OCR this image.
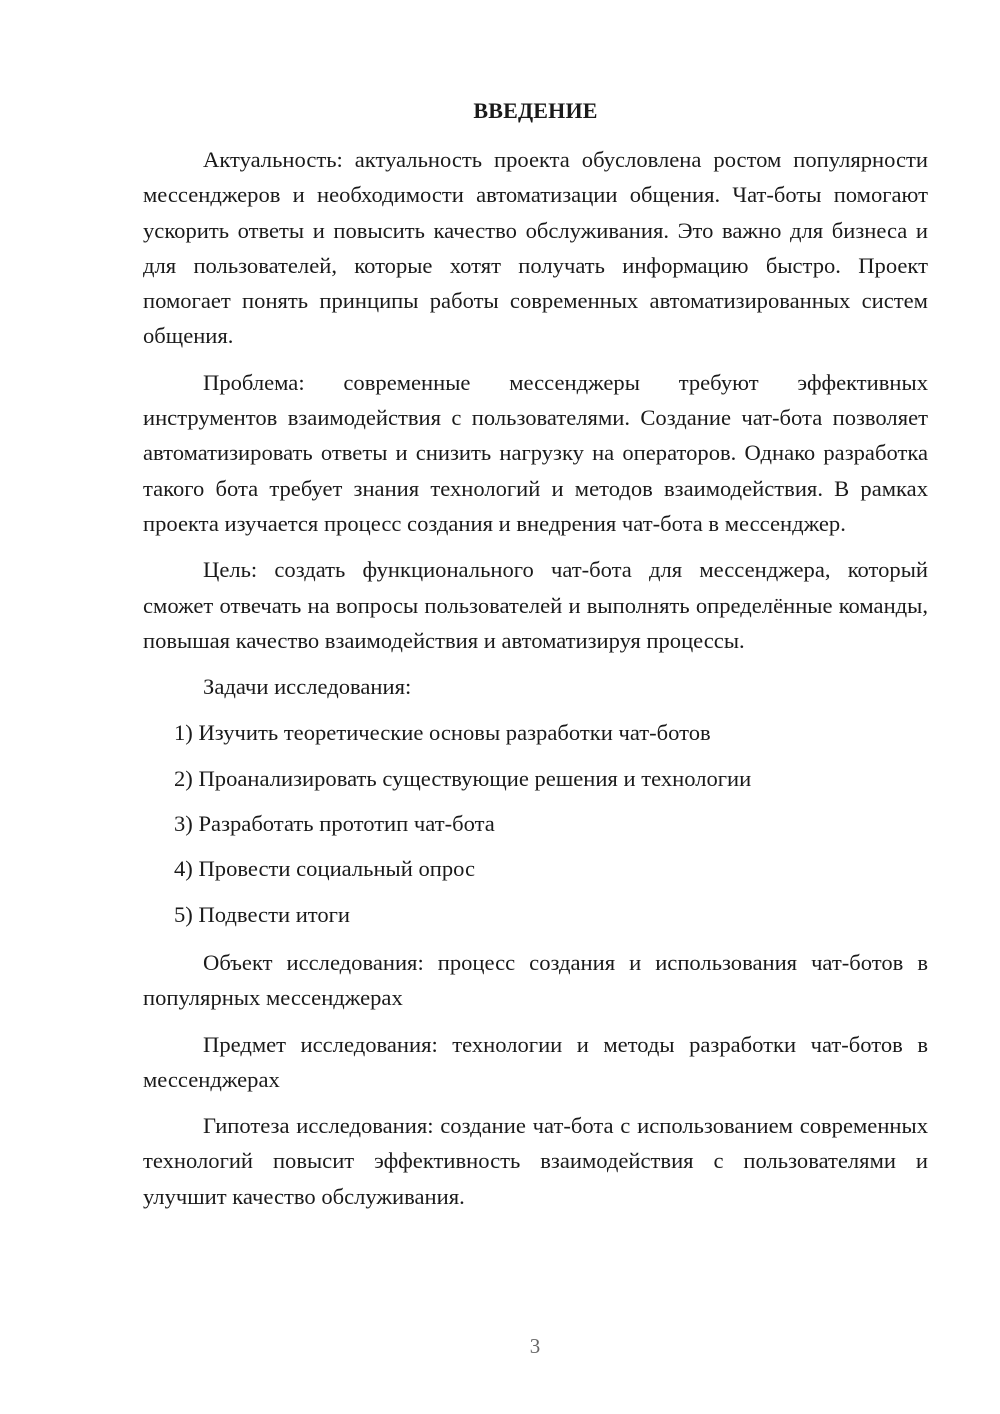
ВВЕДЕНИЕ

Актуальность: актуальность проекта обусловлена ростом популярности мессенджеров и необходимости автоматизации общения. Чат-боты помогают ускорить ответы и повысить качество обслуживания. Это важно для бизнеса и для пользователей, которые хотят получать информацию быстро. Проект помогает понять принципы работы современных автоматизированных систем общения.

Проблема: современные мессенджеры требуют эффективных инструментов взаимодействия с пользователями. Создание чат-бота позволяет автоматизировать ответы и снизить нагрузку на операторов. Однако разработка такого бота требует знания технологий и методов взаимодействия. В рамках проекта изучается процесс создания и внедрения чат-бота в мессенджер.

Цель: создать функционального чат-бота для мессенджера, который сможет отвечать на вопросы пользователей и выполнять определённые команды, повышая качество взаимодействия и автоматизируя процессы.

Задачи исследования:

1) Изучить теоретические основы разработки чат-ботов
2) Проанализировать существующие решения и технологии
3) Разработать прототип чат-бота
4) Провести социальный опрос
5) Подвести итоги

Объект исследования: процесс создания и использования чат-ботов в популярных мессенджерах

Предмет исследования: технологии и методы разработки чат-ботов в мессенджерах

Гипотеза исследования: создание чат-бота с использованием современных технологий повысит эффективность взаимодействия с пользователями и улучшит качество обслуживания.

3
